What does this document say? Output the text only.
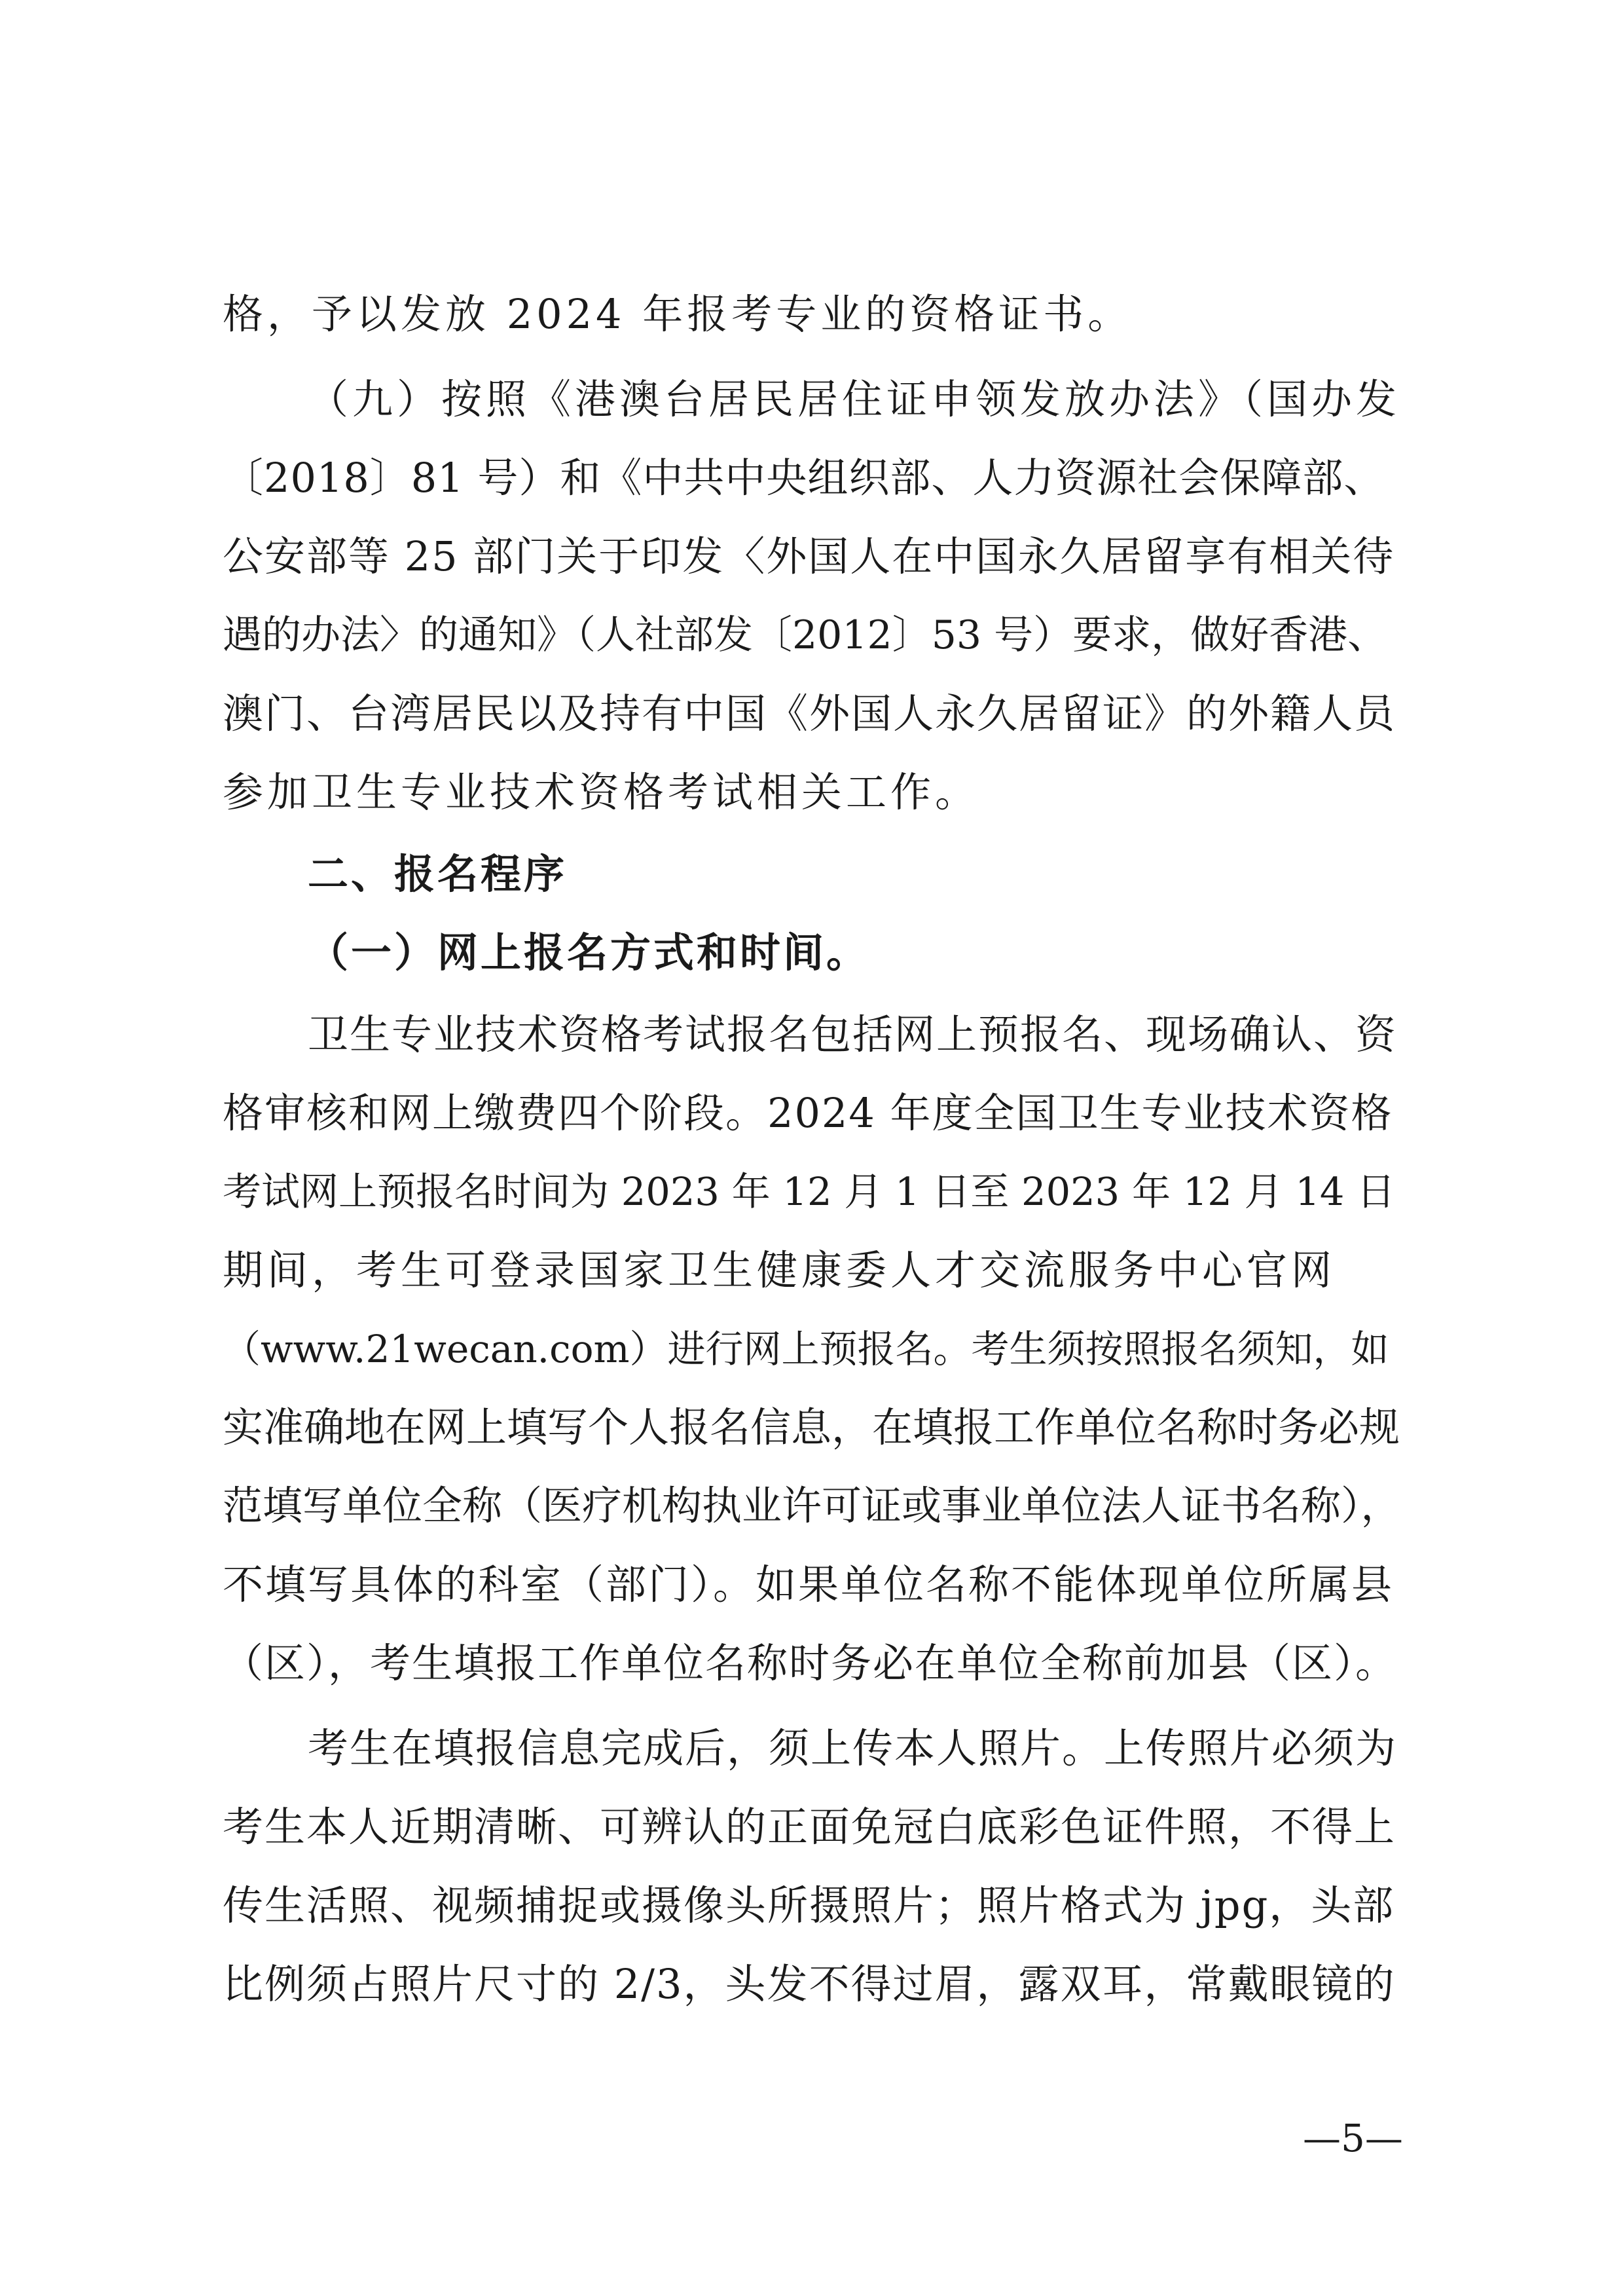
格，予以发放 2024 年报考专业的资格证书。
（九）按照《港澳台居民居住证申领发放办法》（国办发
〔2018〕81 号）和《中共中央组织部、人力资源社会保障部、
公安部等 25 部门关于印发〈外国人在中国永久居留享有相关待
遇的办法〉的通知》（人社部发〔2012〕53 号）要求，做好香港、
澳门、台湾居民以及持有中国《外国人永久居留证》的外籍人员
参加卫生专业技术资格考试相关工作。
二、报名程序
（一）网上报名方式和时间。
卫生专业技术资格考试报名包括网上预报名、现场确认、资
格审核和网上缴费四个阶段。2024 年度全国卫生专业技术资格
考试网上预报名时间为 2023 年 12 月 1 日至 2023 年 12 月 14 日
期间，考生可登录国家卫生健康委人才交流服务中心官网
（www.21wecan.com）进行网上预报名。考生须按照报名须知，如
实准确地在网上填写个人报名信息，在填报工作单位名称时务必规
范填写单位全称（医疗机构执业许可证或事业单位法人证书名称），
不填写具体的科室（部门）。如果单位名称不能体现单位所属县
（区），考生填报工作单位名称时务必在单位全称前加县（区）。
考生在填报信息完成后，须上传本人照片。上传照片必须为
考生本人近期清晰、可辨认的正面免冠白底彩色证件照，不得上
传生活照、视频捕捉或摄像头所摄照片；照片格式为 jpg，头部
比例须占照片尺寸的 2/3，头发不得过眉，露双耳，常戴眼镜的
—5—
